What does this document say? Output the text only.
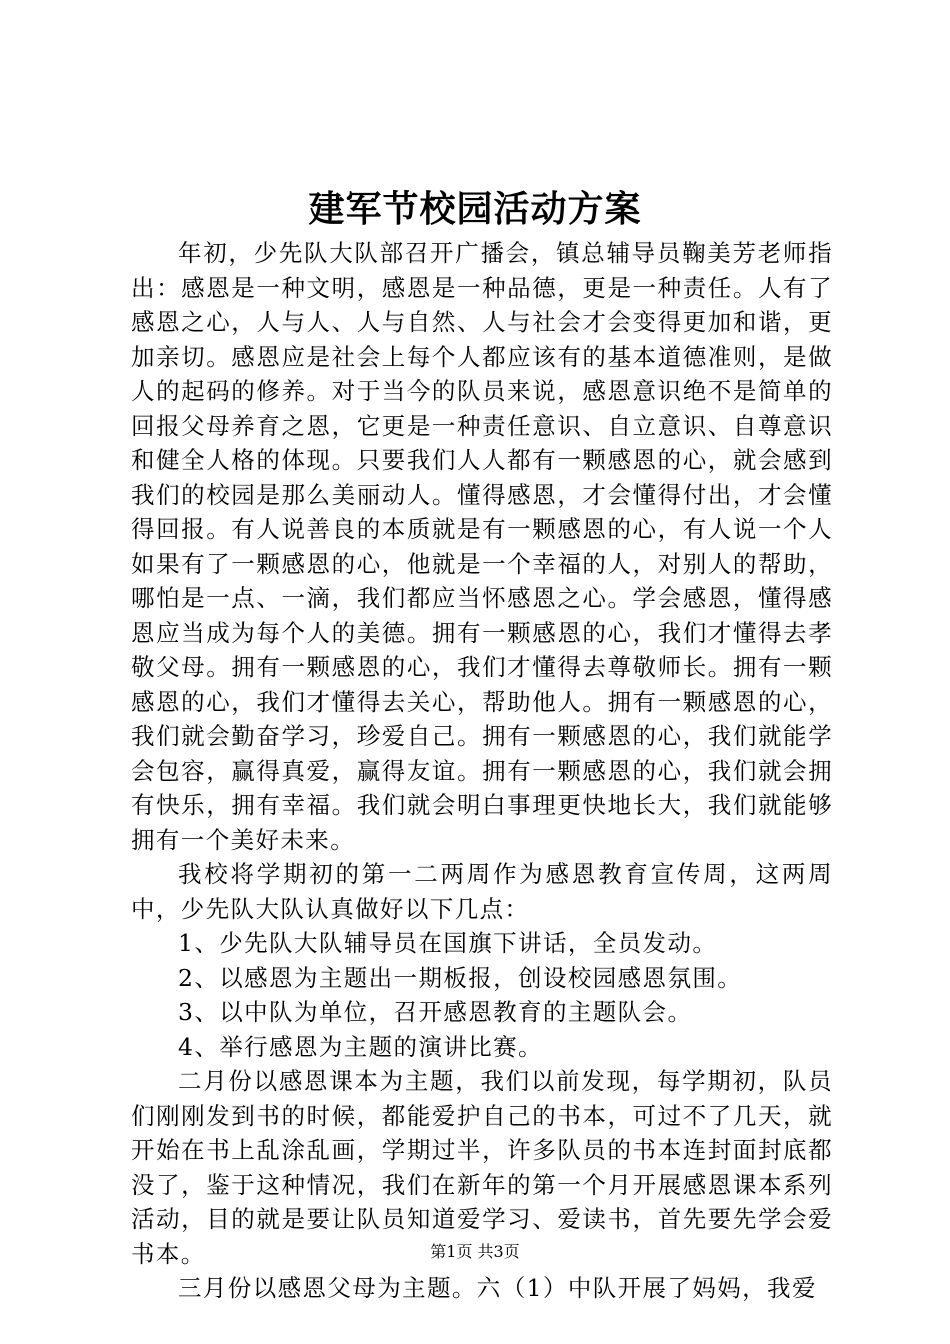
建军节校园活动方案

年初，少先队大队部召开广播会，镇总辅导员鞠美芳老师指出：感恩是一种文明，感恩是一种品德，更是一种责任。人有了感恩之心，人与人、人与自然、人与社会才会变得更加和谐，更加亲切。感恩应是社会上每个人都应该有的基本道德准则，是做人的起码的修养。对于当今的队员来说，感恩意识绝不是简单的回报父母养育之恩，它更是一种责任意识、自立意识、自尊意识和健全人格的体现。只要我们人人都有一颗感恩的心，就会感到我们的校园是那么美丽动人。懂得感恩，才会懂得付出，才会懂得回报。有人说善良的本质就是有一颗感恩的心，有人说一个人如果有了一颗感恩的心，他就是一个幸福的人，对别人的帮助，哪怕是一点、一滴，我们都应当怀感恩之心。学会感恩，懂得感恩应当成为每个人的美德。拥有一颗感恩的心，我们才懂得去孝敬父母。拥有一颗感恩的心，我们才懂得去尊敬师长。拥有一颗感恩的心，我们才懂得去关心，帮助他人。拥有一颗感恩的心，我们就会勤奋学习，珍爱自己。拥有一颗感恩的心，我们就能学会包容，赢得真爱，赢得友谊。拥有一颗感恩的心，我们就会拥有快乐，拥有幸福。我们就会明白事理更快地长大，我们就能够拥有一个美好未来。

我校将学期初的第一二两周作为感恩教育宣传周，这两周中，少先队大队认真做好以下几点：

1、少先队大队辅导员在国旗下讲话，全员发动。

2、以感恩为主题出一期板报，创设校园感恩氛围。

3、以中队为单位，召开感恩教育的主题队会。

4、举行感恩为主题的演讲比赛。

二月份以感恩课本为主题，我们以前发现，每学期初，队员们刚刚发到书的时候，都能爱护自己的书本，可过不了几天，就开始在书上乱涂乱画，学期过半，许多队员的书本连封面封底都没了，鉴于这种情况，我们在新年的第一个月开展感恩课本系列活动，目的就是要让队员知道爱学习、爱读书，首先要先学会爱书本。

三月份以感恩父母为主题。六（1）中队开展了妈妈，我爱

第1页 共3页
